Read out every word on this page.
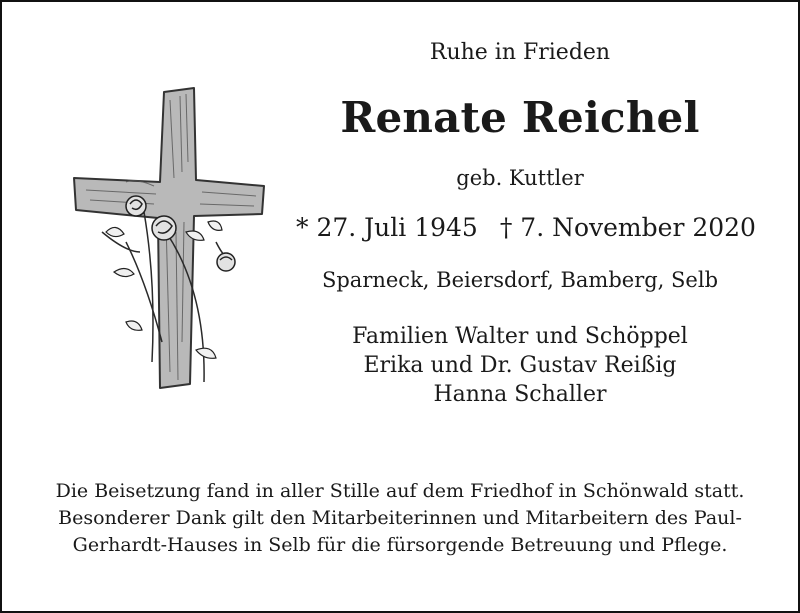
Ruhe in Frieden
Renate Reichel
geb. Kuttler
* 27. Juli 1945 † 7. November 2020
Sparneck, Beiersdorf, Bamberg, Selb
Familien Walter und Schöppel
Erika und Dr. Gustav Reißig
Hanna Schaller
Die Beisetzung fand in aller Stille auf dem Friedhof in Schönwald statt.
Besonderer Dank gilt den Mitarbeiterinnen und Mitarbeitern des Paul-
Gerhardt-Hauses in Selb für die fürsorgende Betreuung und Pflege.
